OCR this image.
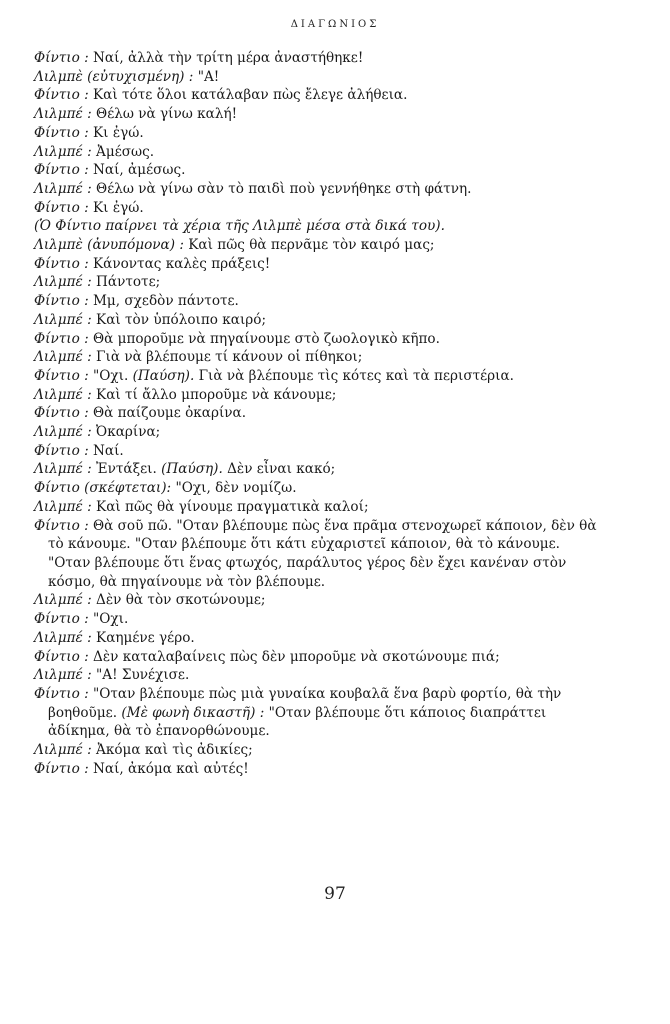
ΔΙΑΓΩΝΙΟΣ
Φίντιο : Ναί, ἀλλὰ τὴν τρίτη μέρα ἀναστήθηκε!
Λιλμπὲ (εὐτυχισμένη) : "Α!
Φίντιο : Καὶ τότε ὅλοι κατάλαβαν πὼς ἔλεγε ἀλήθεια.
Λιλμπέ : Θέλω νὰ γίνω καλή!
Φίντιο : Κι ἐγώ.
Λιλμπέ : Ἀμέσως.
Φίντιο : Ναί, ἀμέσως.
Λιλμπέ : Θέλω νὰ γίνω σὰν τὸ παιδὶ ποὺ γεννήθηκε στὴ φάτνη.
Φίντιο : Κι ἐγώ.
(Ὁ Φίντιο παίρνει τὰ χέρια τῆς Λιλμπὲ μέσα στὰ δικά του).
Λιλμπὲ (ἀνυπόμονα) : Καὶ πῶς θὰ περνᾶμε τὸν καιρό μας;
Φίντιο : Κάνοντας καλὲς πράξεις!
Λιλμπέ : Πάντοτε;
Φίντιο : Μμ, σχεδὸν πάντοτε.
Λιλμπέ : Καὶ τὸν ὑπόλοιπο καιρό;
Φίντιο : Θὰ μποροῦμε νὰ πηγαίνουμε στὸ ζωολογικὸ κῆπο.
Λιλμπέ : Γιὰ νὰ βλέπουμε τί κάνουν οἱ πίθηκοι;
Φίντιο : "Οχι. (Παύση). Γιὰ νὰ βλέπουμε τὶς κότες καὶ τὰ περιστέρια.
Λιλμπέ : Καὶ τί ἄλλο μποροῦμε νὰ κάνουμε;
Φίντιο : Θὰ παίζουμε ὀκαρίνα.
Λιλμπέ : Ὀκαρίνα;
Φίντιο : Ναί.
Λιλμπέ : Ἐντάξει. (Παύση). Δὲν εἶναι κακό;
Φίντιο (σκέφτεται): "Οχι, δὲν νομίζω.
Λιλμπέ : Καὶ πῶς θὰ γίνουμε πραγματικὰ καλοί;
Φίντιο : Θὰ σοῦ πῶ. "Οταν βλέπουμε πὼς ἕνα πρᾶμα στενοχωρεῖ κάποιον, δὲν θὰ τὸ κάνουμε. "Οταν βλέπουμε ὅτι κάτι εὐχαριστεῖ κάποιον, θὰ τὸ κάνουμε. "Οταν βλέπουμε ὅτι ἕνας φτωχός, παράλυτος γέρος δὲν ἔχει κανέναν στὸν κόσμο, θὰ πηγαίνουμε νὰ τὸν βλέπουμε.
Λιλμπέ : Δὲν θὰ τὸν σκοτώνουμε;
Φίντιο : "Οχι.
Λιλμπέ : Καημένε γέρο.
Φίντιο : Δὲν καταλαβαίνεις πὼς δὲν μποροῦμε νὰ σκοτώνουμε πιά;
Λιλμπέ : "Α! Συνέχισε.
Φίντιο : "Οταν βλέπουμε πὼς μιὰ γυναίκα κουβαλᾶ ἕνα βαρὺ φορτίο, θὰ τὴν βοηθοῦμε. (Μὲ φωνὴ δικαστῆ) : "Οταν βλέπουμε ὅτι κάποιος διαπράττει ἀδίκημα, θὰ τὸ ἐπανορθώνουμε.
Λιλμπέ : Ἀκόμα καὶ τὶς ἀδικίες;
Φίντιο : Ναί, ἀκόμα καὶ αὐτές!
97
